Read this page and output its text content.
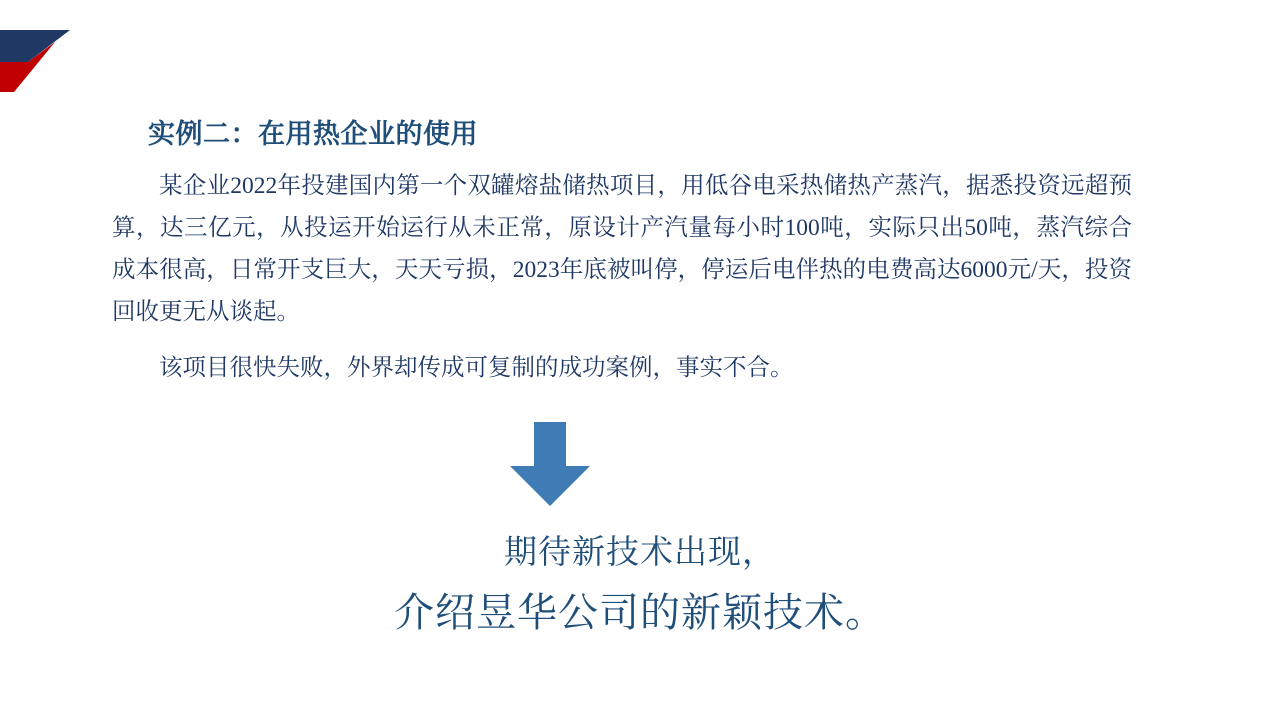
实例二：在用热企业的使用

某企业2022年投建国内第一个双罐熔盐储热项目，用低谷电采热储热产蒸汽，据悉投资远超预算，达三亿元，从投运开始运行从未正常，原设计产汽量每小时100吨，实际只出50吨，蒸汽综合成本很高，日常开支巨大，天天亏损，2023年底被叫停，停运后电伴热的电费高达6000元/天，投资回收更无从谈起。

该项目很快失败，外界却传成可复制的成功案例，事实不合。

期待新技术出现，
介绍昱华公司的新颖技术。
